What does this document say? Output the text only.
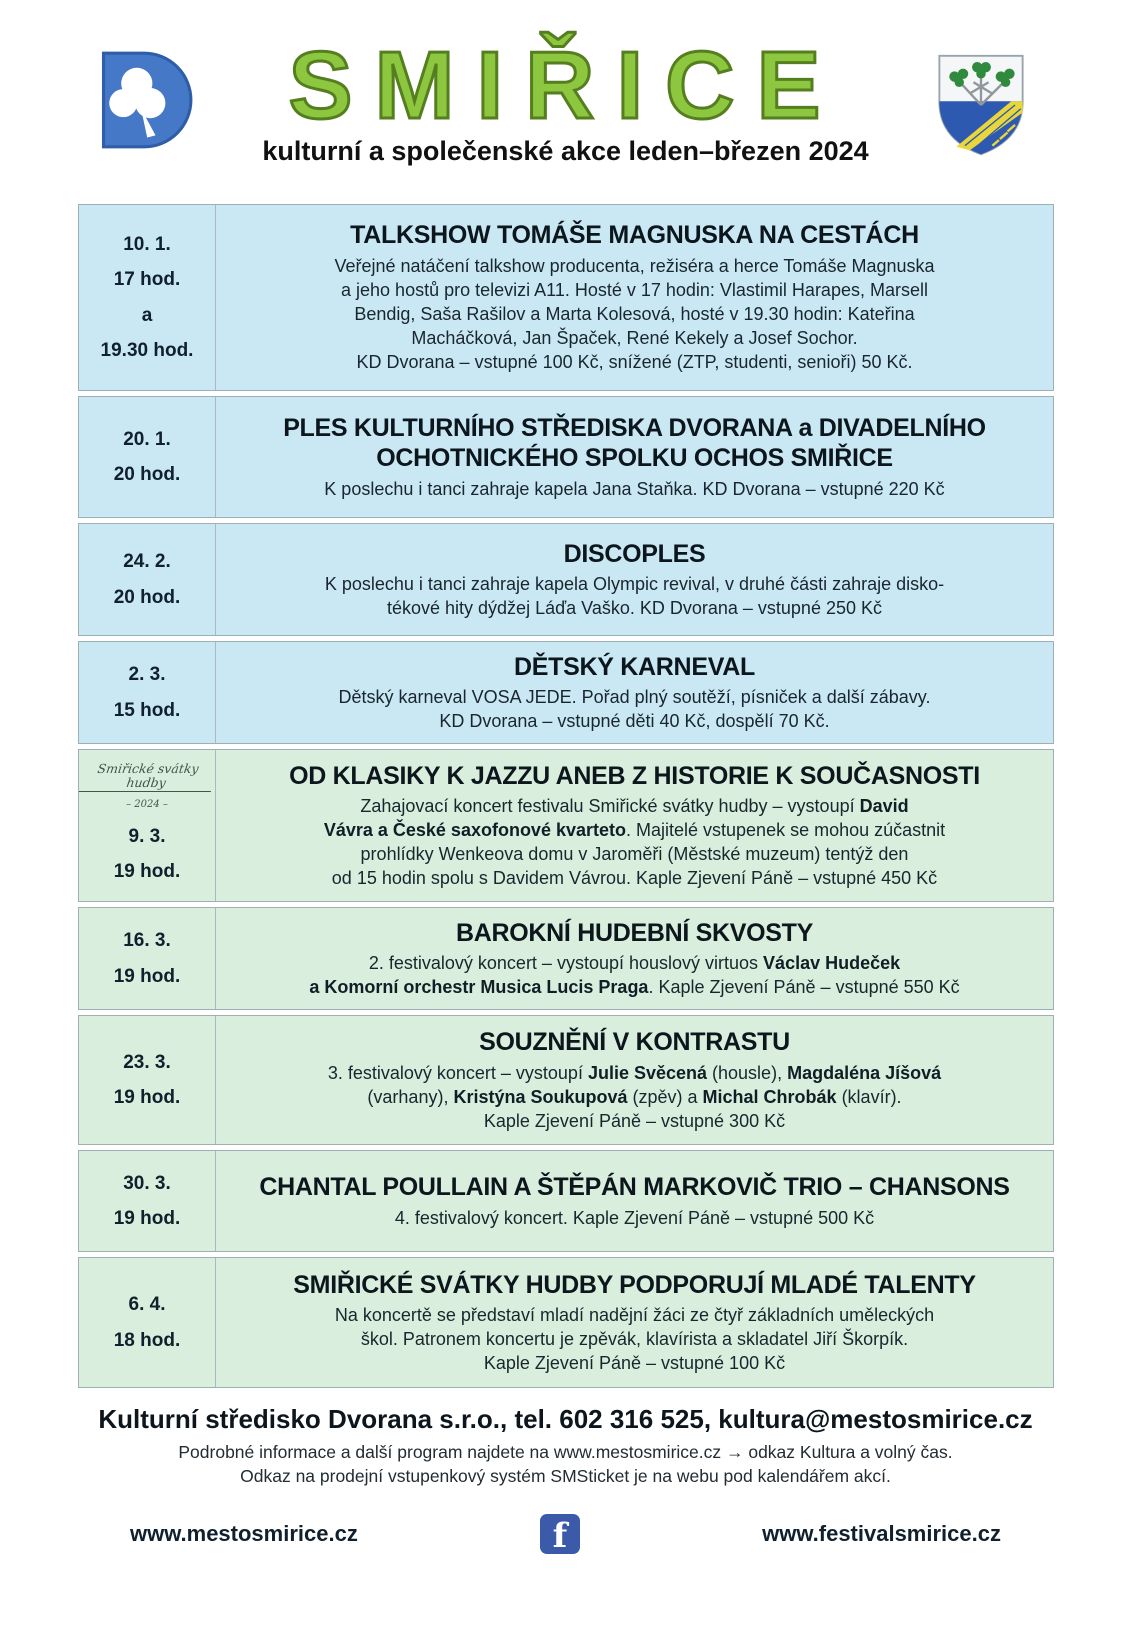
SMIŘICE
kulturní a společenské akce leden–březen 2024
10. 1.
17 hod.
a
19.30 hod.
TALKSHOW TOMÁŠE MAGNUSKA NA CESTÁCH
Veřejné natáčení talkshow producenta, režiséra a herce Tomáše Magnuska
a jeho hostů pro televizi A11. Hosté v 17 hodin: Vlastimil Harapes, Marsell
Bendig, Saša Rašilov a Marta Kolesová, hosté v 19.30 hodin: Kateřina
Macháčková, Jan Špaček, René Kekely a Josef Sochor.
KD Dvorana – vstupné 100 Kč, snížené (ZTP, studenti, senioři) 50 Kč.
20. 1.
20 hod.
PLES KULTURNÍHO STŘEDISKA DVORANA a DIVADELNÍHO
OCHOTNICKÉHO SPOLKU OCHOS SMIŘICE
K poslechu i tanci zahraje kapela Jana Staňka. KD Dvorana – vstupné 220 Kč
24. 2.
20 hod.
DISCOPLES
K poslechu i tanci zahraje kapela Olympic revival, v druhé části zahraje disko-
tékové hity dýdžej Láďa Vaško. KD Dvorana – vstupné 250 Kč
2. 3.
15 hod.
DĚTSKÝ KARNEVAL
Dětský karneval VOSA JEDE. Pořad plný soutěží, písniček a další zábavy.
KD Dvorana – vstupné děti 40 Kč, dospělí 70 Kč.
Smiřické svátky hudby
– 2024 –
9. 3.
19 hod.
OD KLASIKY K JAZZU ANEB Z HISTORIE K SOUČASNOSTI
Zahajovací koncert festivalu Smiřické svátky hudby – vystoupí David
Vávra a České saxofonové kvarteto. Majitelé vstupenek se mohou zúčastnit
prohlídky Wenkeova domu v Jaroměři (Městské muzeum) tentýž den
od 15 hodin spolu s Davidem Vávrou. Kaple Zjevení Páně – vstupné 450 Kč
16. 3.
19 hod.
BAROKNÍ HUDEBNÍ SKVOSTY
2. festivalový koncert – vystoupí houslový virtuos Václav Hudeček
a Komorní orchestr Musica Lucis Praga. Kaple Zjevení Páně – vstupné 550 Kč
23. 3.
19 hod.
SOUZNĚNÍ V KONTRASTU
3. festivalový koncert – vystoupí Julie Svěcená (housle), Magdaléna Jíšová
(varhany), Kristýna Soukupová (zpěv) a Michal Chrobák (klavír).
Kaple Zjevení Páně – vstupné 300 Kč
30. 3.
19 hod.
CHANTAL POULLAIN A ŠTĚPÁN MARKOVIČ TRIO – CHANSONS
4. festivalový koncert. Kaple Zjevení Páně – vstupné 500 Kč
6. 4.
18 hod.
SMIŘICKÉ SVÁTKY HUDBY PODPORUJÍ MLADÉ TALENTY
Na koncertě se představí mladí nadějní žáci ze čtyř základních uměleckých
škol. Patronem koncertu je zpěvák, klavírista a skladatel Jiří Škorpík.
Kaple Zjevení Páně – vstupné 100 Kč
Kulturní středisko Dvorana s.r.o., tel. 602 316 525, kultura@mestosmirice.cz
Podrobné informace a další program najdete na www.mestosmirice.cz → odkaz Kultura a volný čas.
Odkaz na prodejní vstupenkový systém SMSticket je na webu pod kalendářem akcí.
www.mestosmirice.cz	f	www.festivalsmirice.cz
